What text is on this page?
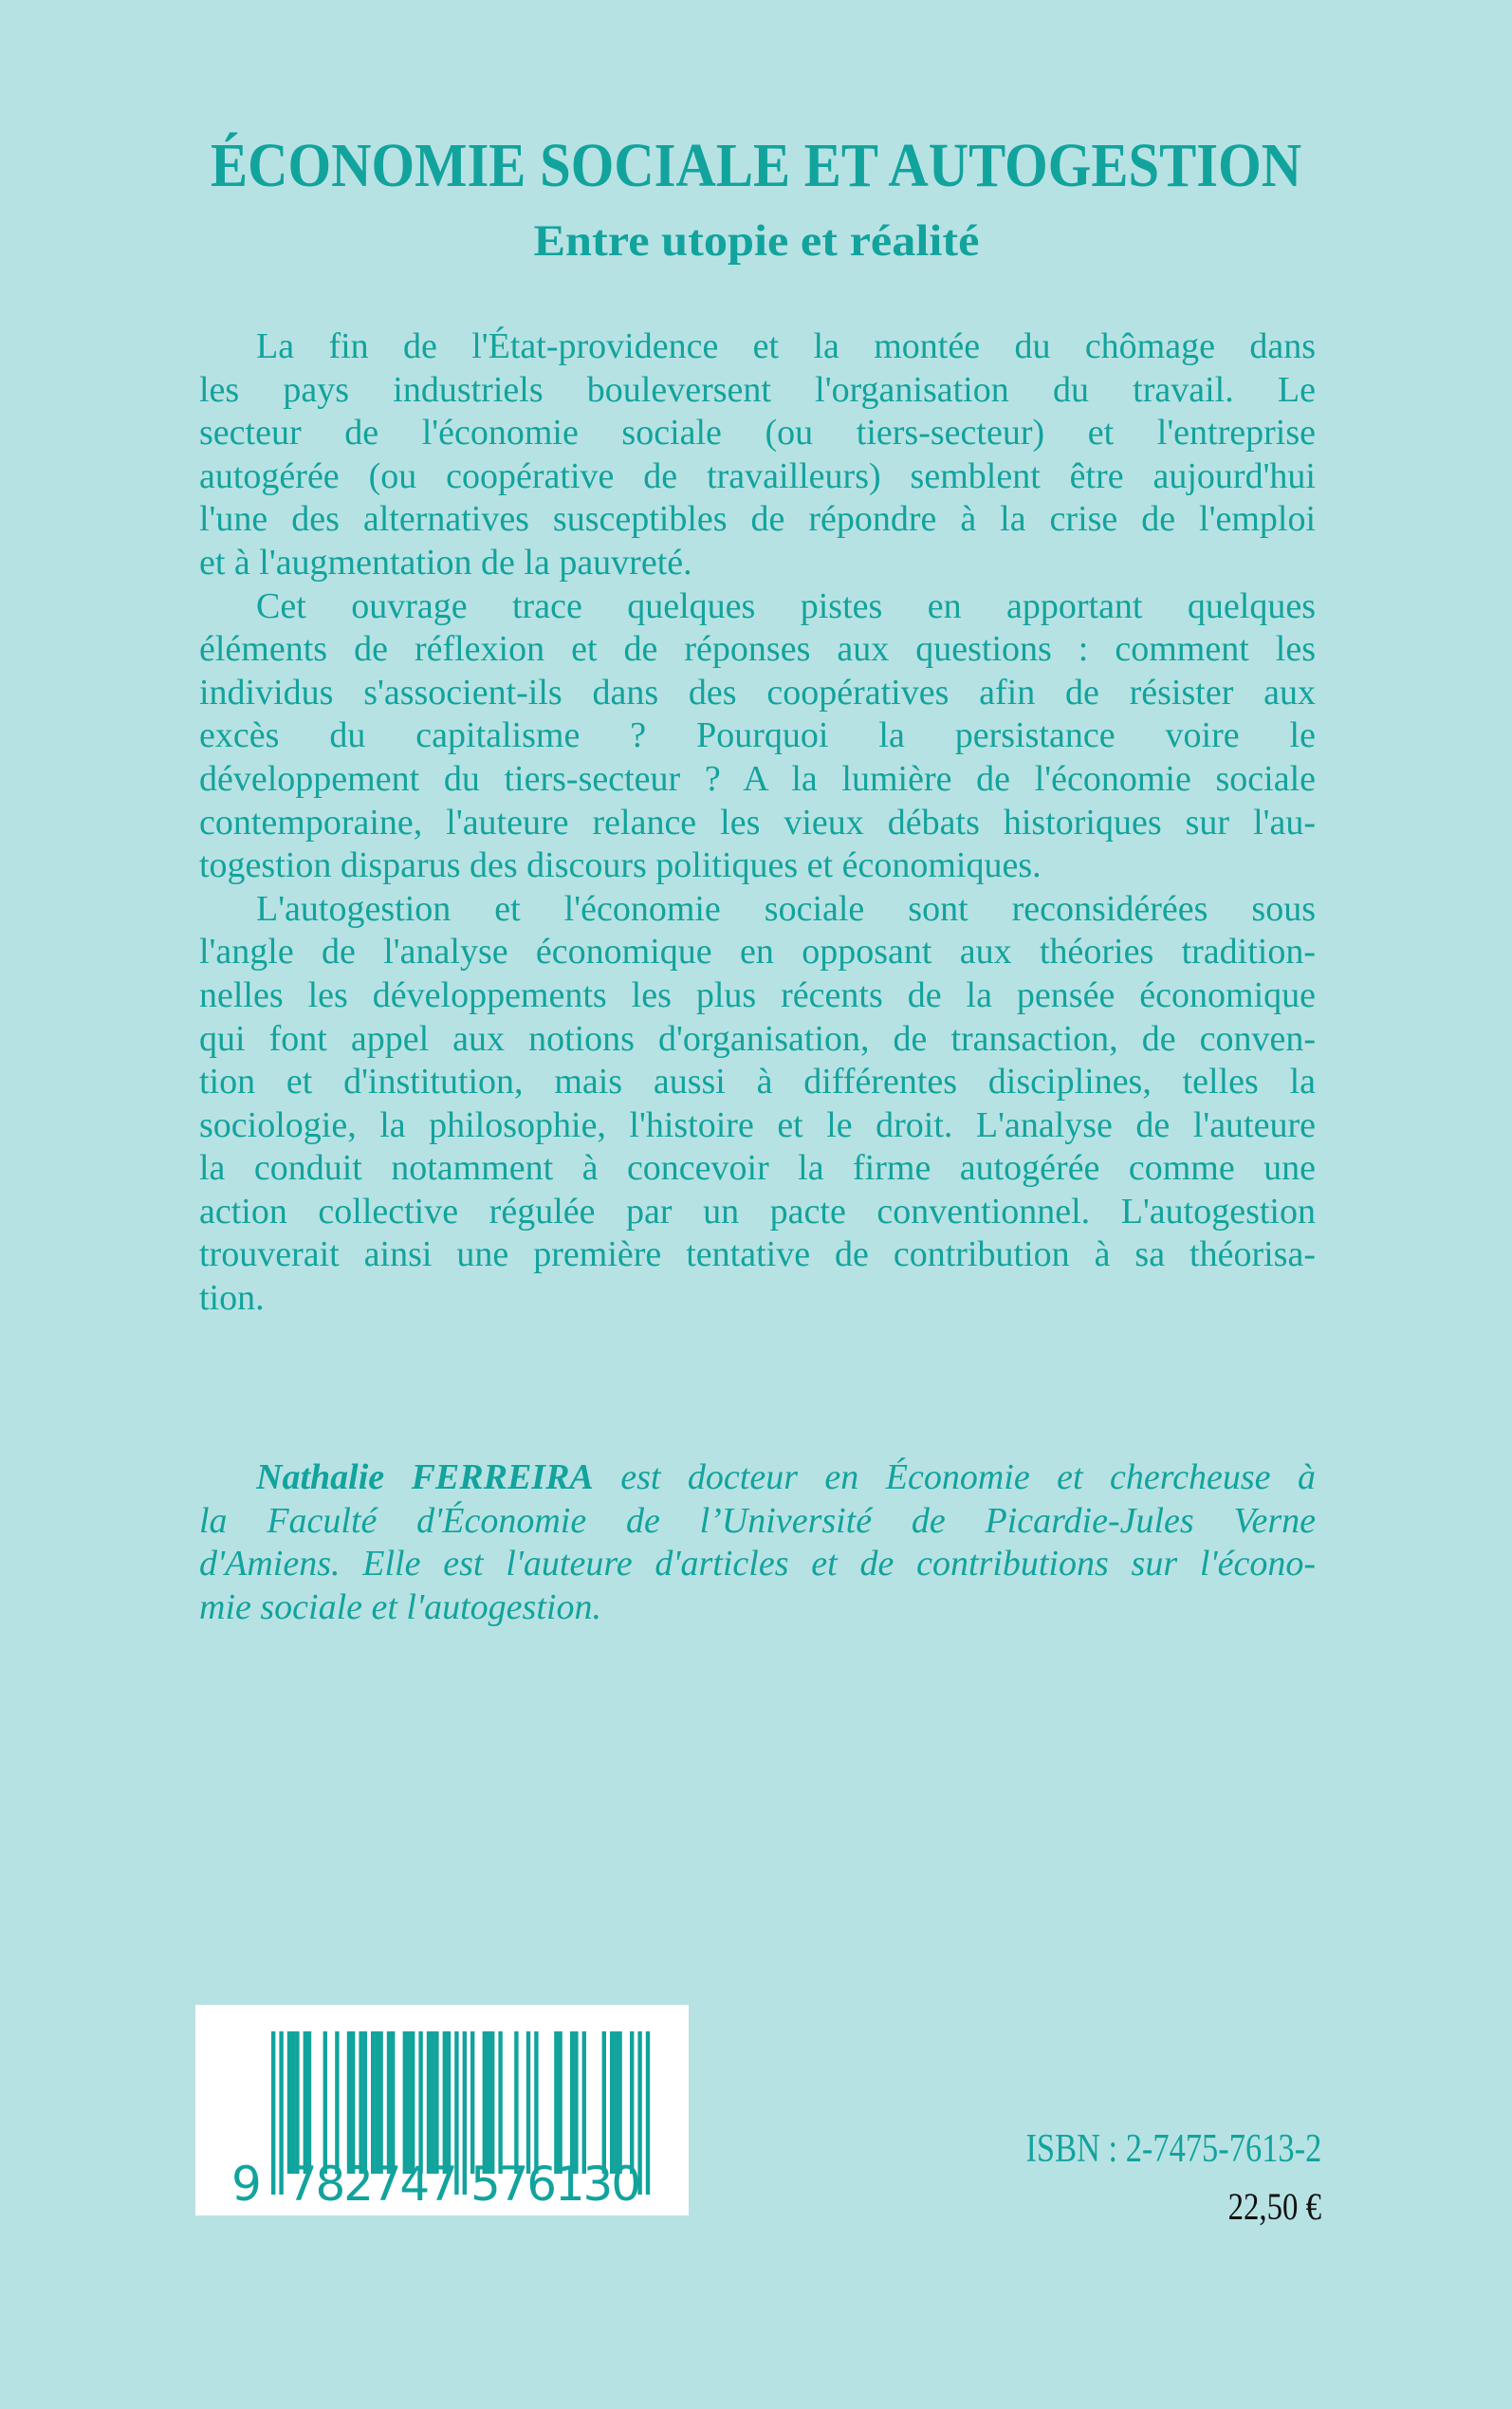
ÉCONOMIE SOCIALE ET AUTOGESTION
Entre utopie et réalité
La fin de l'État-providence et la montée du chômage dans
les pays industriels bouleversent l'organisation du travail. Le
secteur de l'économie sociale (ou tiers-secteur) et l'entreprise
autogérée (ou coopérative de travailleurs) semblent être aujourd'hui
l'une des alternatives susceptibles de répondre à la crise de l'emploi
et à l'augmentation de la pauvreté.
Cet ouvrage trace quelques pistes en apportant quelques
éléments de réflexion et de réponses aux questions : comment les
individus s'associent-ils dans des coopératives afin de résister aux
excès du capitalisme ? Pourquoi la persistance voire le
développement du tiers-secteur ? A la lumière de l'économie sociale
contemporaine, l'auteure relance les vieux débats historiques sur l'au-
togestion disparus des discours politiques et économiques.
L'autogestion et l'économie sociale sont reconsidérées sous
l'angle de l'analyse économique en opposant aux théories tradition-
nelles les développements les plus récents de la pensée économique
qui font appel aux notions d'organisation, de transaction, de conven-
tion et d'institution, mais aussi à différentes disciplines, telles la
sociologie, la philosophie, l'histoire et le droit. L'analyse de l'auteure
la conduit notamment à concevoir la firme autogérée comme une
action collective régulée par un pacte conventionnel. L'autogestion
trouverait ainsi une première tentative de contribution à sa théorisa-
tion.
Nathalie FERREIRA est docteur en Économie et chercheuse à
la Faculté d'Économie de l’Université de Picardie-Jules Verne
d'Amiens. Elle est l'auteure d'articles et de contributions sur l'écono-
mie sociale et l'autogestion.
9 782747 576130
ISBN : 2-7475-7613-2
22,50 €
